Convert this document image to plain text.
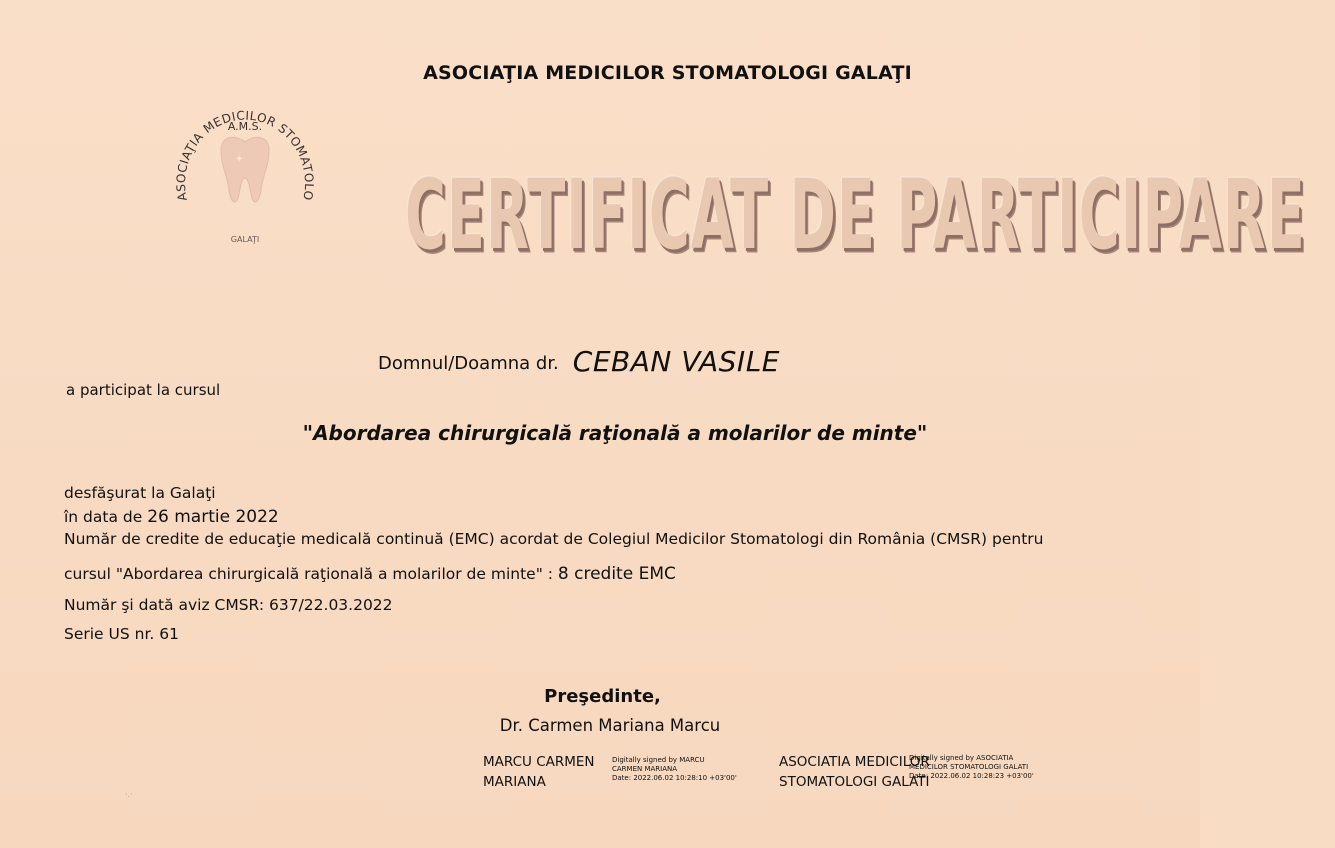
ASOCIAŢIA MEDICILOR STOMATOLOGI GALAŢI
ASOCIAŢIA MEDICILOR STOMATOLO
A.M.S.
✦
GALAŢI CERTIFICAT DE PARTICIPARE
Domnul/Doamna dr. CEBAN VASILE
a participat la cursul
"Abordarea chirurgicală raţională a molarilor de minte"
desfăşurat la Galaţi
în data de 26 martie 2022
Număr de credite de educaţie medicală continuă (EMC) acordat de Colegiul Medicilor Stomatologi din România (CMSR) pentru
cursul "Abordarea chirurgicală raţională a molarilor de minte" : 8 credite EMC
Număr şi dată aviz CMSR: 637/22.03.2022
Serie US nr. 61
Preşedinte,
Dr. Carmen Mariana Marcu
MARCU CARMEN
MARIANA
Digitally signed by MARCU
CARMEN MARIANA
Date: 2022.06.02 10:28:10 +03'00'
ASOCIATIA MEDICILOR
STOMATOLOGI GALATI
Digitally signed by ASOCIATIA
MEDICILOR STOMATOLOGI GALATI
Date: 2022.06.02 10:28:23 +03'00'
·.·
